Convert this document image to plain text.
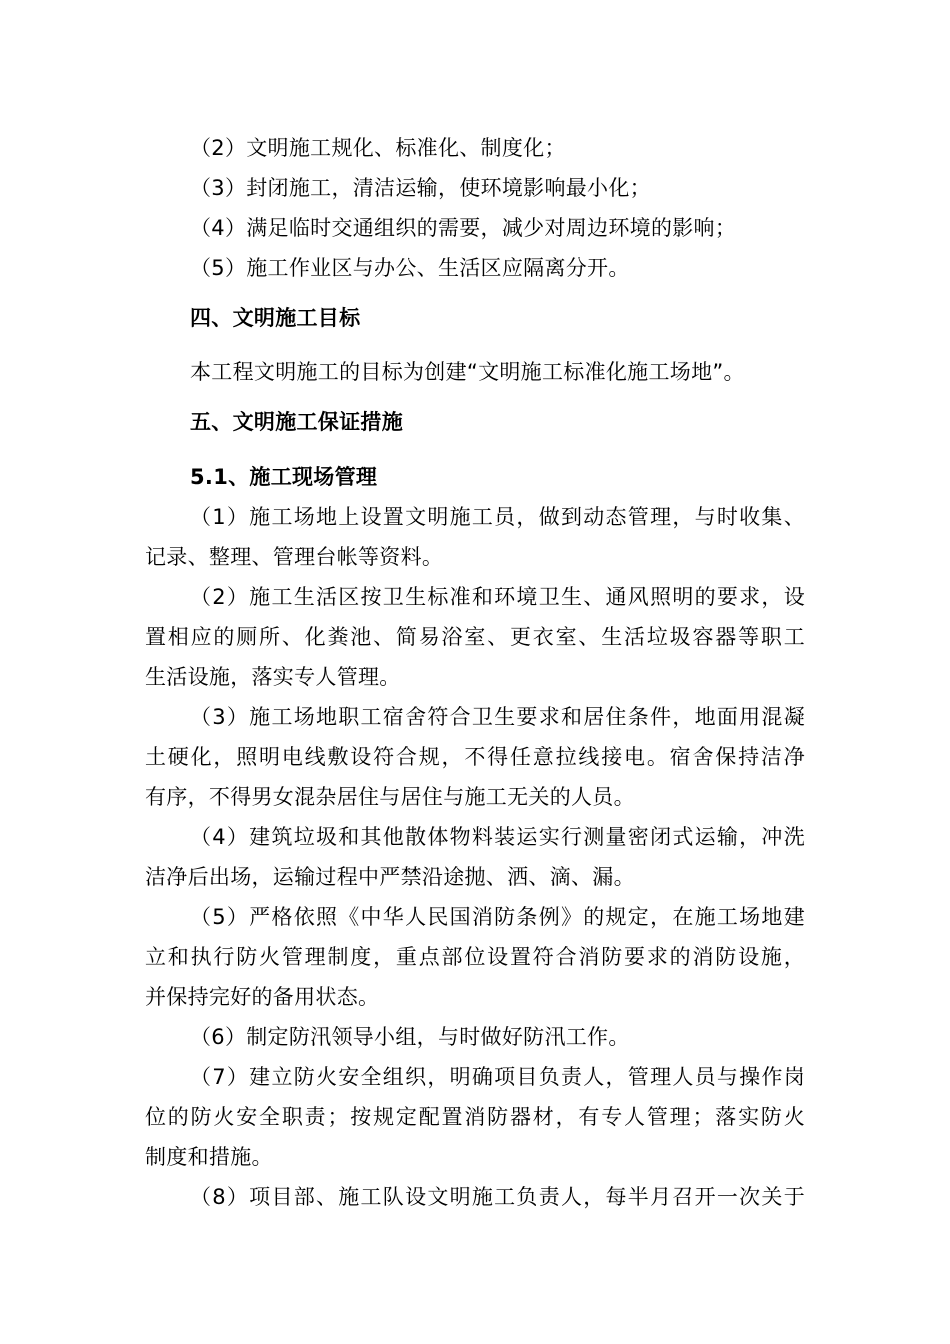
（2）文明施工规化、标准化、制度化；
（3）封闭施工，清洁运输，使环境影响最小化；
（4）满足临时交通组织的需要，减少对周边环境的影响；
（5）施工作业区与办公、生活区应隔离分开。
四、文明施工目标
本工程文明施工的目标为创建“文明施工标准化施工场地”。
五、文明施工保证措施
5.1、施工现场管理
（1）施工场地上设置文明施工员，做到动态管理，与时收集、
记录、整理、管理台帐等资料。
（2）施工生活区按卫生标准和环境卫生、通风照明的要求，设
置相应的厕所、化粪池、简易浴室、更衣室、生活垃圾容器等职工
生活设施，落实专人管理。
（3）施工场地职工宿舍符合卫生要求和居住条件，地面用混凝
土硬化，照明电线敷设符合规，不得任意拉线接电。宿舍保持洁净
有序，不得男女混杂居住与居住与施工无关的人员。
（4）建筑垃圾和其他散体物料装运实行测量密闭式运输，冲洗
洁净后出场，运输过程中严禁沿途抛、洒、滴、漏。
（5）严格依照《中华人民国消防条例》的规定，在施工场地建
立和执行防火管理制度，重点部位设置符合消防要求的消防设施，
并保持完好的备用状态。
（6）制定防汛领导小组，与时做好防汛工作。
（7）建立防火安全组织，明确项目负责人，管理人员与操作岗
位的防火安全职责；按规定配置消防器材，有专人管理；落实防火
制度和措施。
（8）项目部、施工队设文明施工负责人，每半月召开一次关于
